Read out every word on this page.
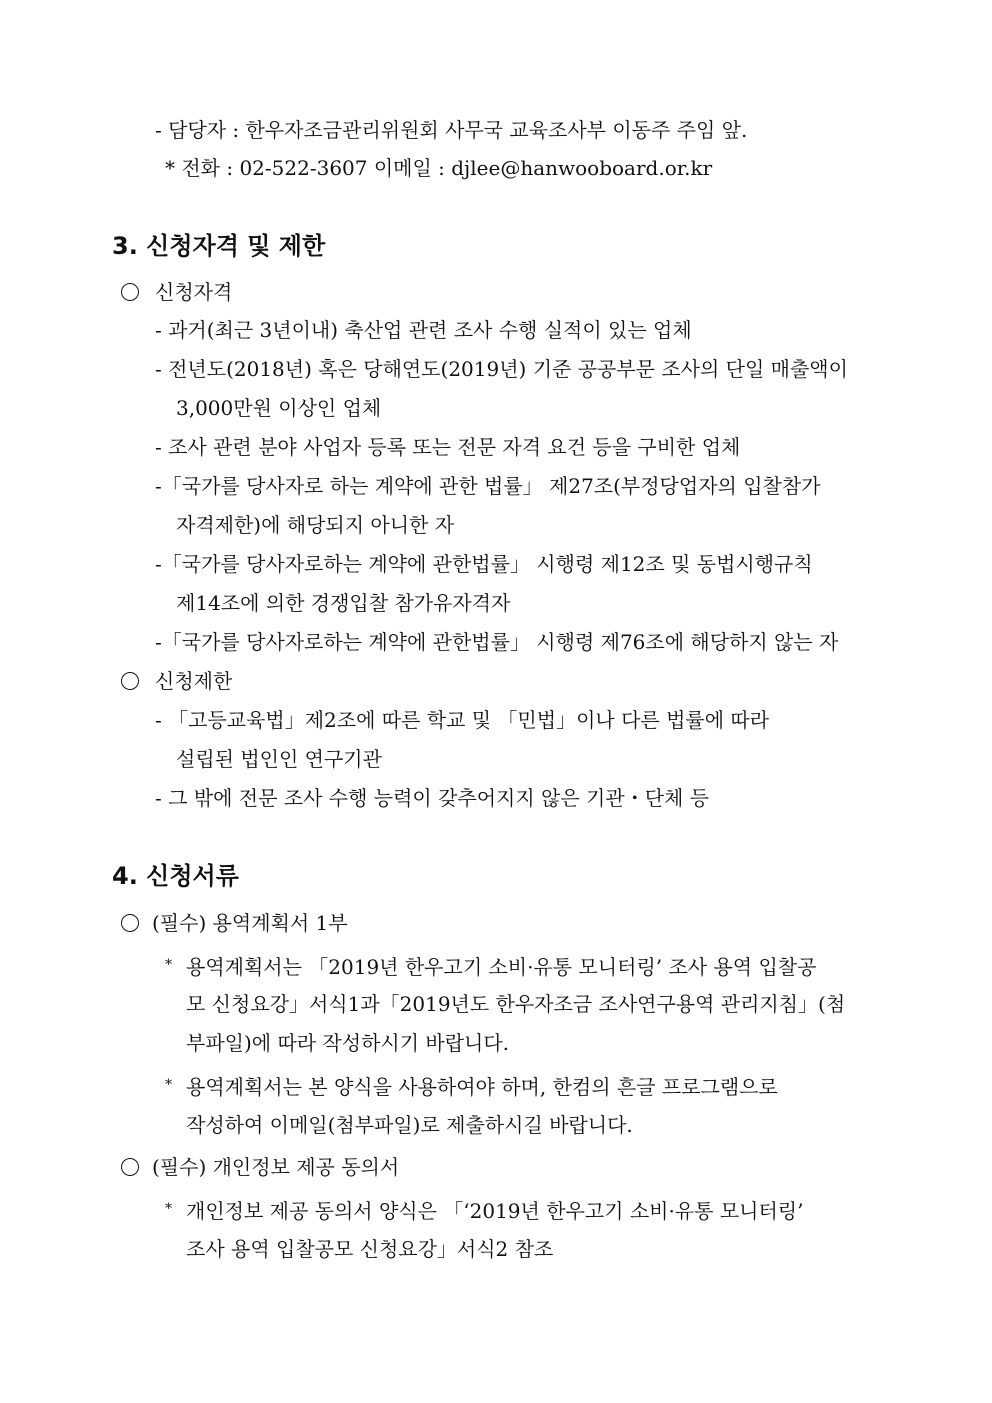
- 담당자 : 한우자조금관리위원회 사무국 교육조사부 이동주 주임 앞.
* 전화 : 02-522-3607 이메일 : djlee@hanwooboard.or.kr
3. 신청자격 및 제한
신청자격
- 과거(최근 3년이내) 축산업 관련 조사 수행 실적이 있는 업체
- 전년도(2018년) 혹은 당해연도(2019년) 기준 공공부문 조사의 단일 매출액이
3,000만원 이상인 업체
- 조사 관련 분야 사업자 등록 또는 전문 자격 요건 등을 구비한 업체
-「국가를 당사자로 하는 계약에 관한 법률」 제27조(부정당업자의 입찰참가
자격제한)에 해당되지 아니한 자
-「국가를 당사자로하는 계약에 관한법률」 시행령 제12조 및 동법시행규칙
제14조에 의한 경쟁입찰 참가유자격자
-「국가를 당사자로하는 계약에 관한법률」 시행령 제76조에 해당하지 않는 자
신청제한
- 「고등교육법」제2조에 따른 학교 및 「민법」이나 다른 법률에 따라
설립된 법인인 연구기관
- 그 밖에 전문 조사 수행 능력이 갖추어지지 않은 기관・단체 등
4. 신청서류
(필수) 용역계획서 1부
* 용역계획서는 「2019년 한우고기 소비·유통 모니터링’ 조사 용역 입찰공
모 신청요강」서식1과「2019년도 한우자조금 조사연구용역 관리지침」(첨
부파일)에 따라 작성하시기 바랍니다.
* 용역계획서는 본 양식을 사용하여야 하며, 한컴의 흔글 프로그램으로
작성하여 이메일(첨부파일)로 제출하시길 바랍니다.
(필수) 개인정보 제공 동의서
* 개인정보 제공 동의서 양식은 「‘2019년 한우고기 소비·유통 모니터링’
조사 용역 입찰공모 신청요강」서식2 참조
